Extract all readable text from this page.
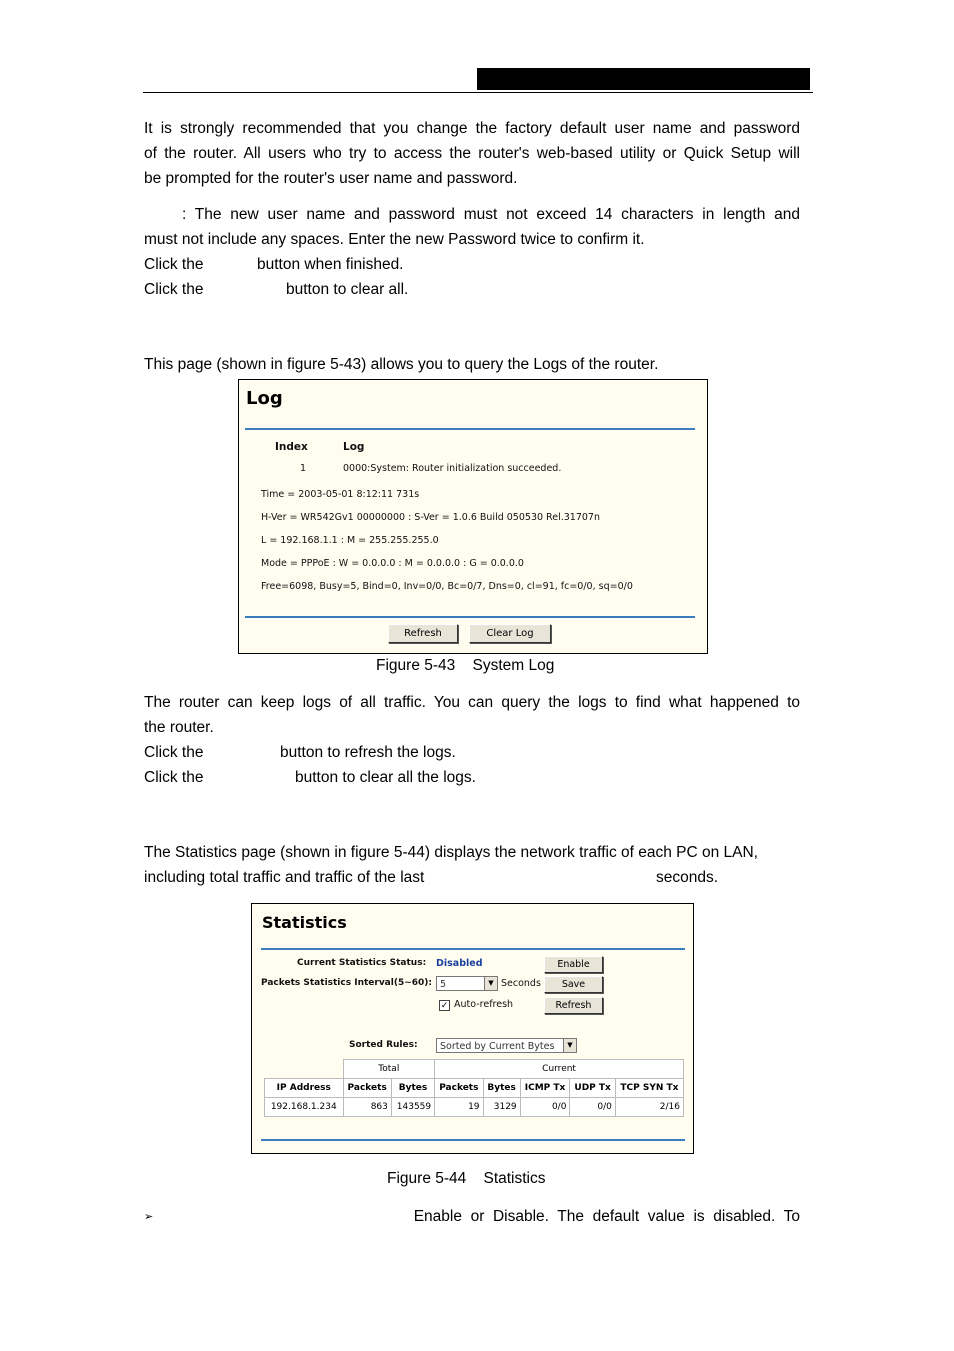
It is strongly recommended that you change the factory default user name and password
of the router. All users who try to access the router's web-based utility or Quick Setup will
be prompted for the router's user name and password.
: The new user name and password must not exceed 14 characters in length and
must not include any spaces. Enter the new Password twice to confirm it.
Click the	button when finished.
Click the	button to clear all.
This page (shown in figure 5-43) allows you to query the Logs of the router.
Log
Index	Log
1	0000:System: Router initialization succeeded.
Time = 2003-05-01 8:12:11 731s
H-Ver = WR542Gv1 00000000 : S-Ver = 1.0.6 Build 050530 Rel.31707n
L = 192.168.1.1 : M = 255.255.255.0
Mode = PPPoE : W = 0.0.0.0 : M = 0.0.0.0 : G = 0.0.0.0
Free=6098, Busy=5, Bind=0, Inv=0/0, Bc=0/7, Dns=0, cl=91, fc=0/0, sq=0/0
Refresh	Clear Log
Figure 5-43    System Log
The router can keep logs of all traffic. You can query the logs to find what happened to
the router.
Click the	button to refresh the logs.
Click the	button to clear all the logs.
The Statistics page (shown in figure 5-44) displays the network traffic of each PC on LAN,
including total traffic and traffic of the last	seconds.
Statistics
Current Statistics Status: Disabled	Enable
Packets Statistics Interval(5~60): 5	▼ Seconds	Save
✓ Auto-refresh	Refresh
Sorted Rules:	Sorted by Current Bytes	▼
	Total		Current				
IP Address	Packets	Bytes	Packets	Bytes	ICMP Tx	UDP Tx	TCP SYN Tx
192.168.1.234	863	143559	19	3129	0/0	0/0	2/16
Figure 5-44    Statistics
➢	Enable  or  Disable.  The  default  value  is  disabled.  To
